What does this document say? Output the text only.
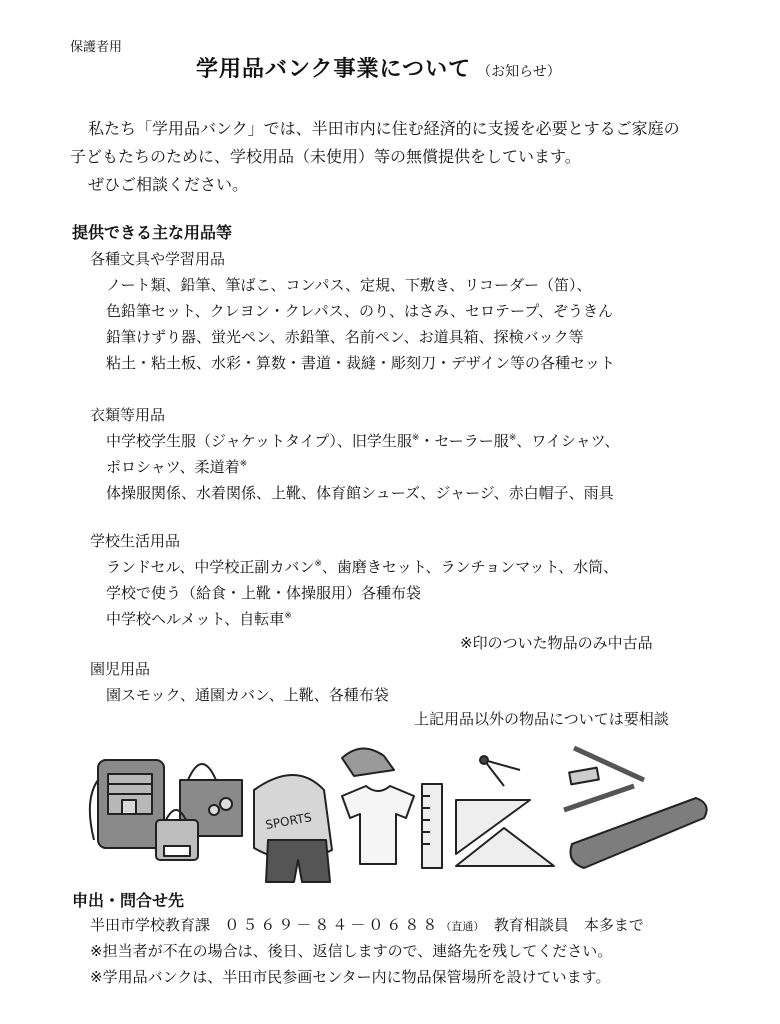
保護者用
学用品バンク事業について （お知らせ）

私たち「学用品バンク」では、半田市内に住む経済的に支援を必要とするご家庭の

子どもたちのために、学校用品（未使用）等の無償提供をしています。

ぜひご相談ください。

提供できる主な用品等
各種文具や学習用品
ノート類、鉛筆、筆ばこ、コンパス、定規、下敷き、リコーダー（笛）、
色鉛筆セット、クレヨン・クレパス、のり、はさみ、セロテープ、ぞうきん
鉛筆けずり器、蛍光ペン、赤鉛筆、名前ペン、お道具箱、探検バック等
粘土・粘土板、水彩・算数・書道・裁縫・彫刻刀・デザイン等の各種セット
衣類等用品
中学校学生服（ジャケットタイプ）、旧学生服※・セーラー服※、ワイシャツ、
ポロシャツ、柔道着※
体操服関係、水着関係、上靴、体育館シューズ、ジャージ、赤白帽子、雨具
学校生活用品
ランドセル、中学校正副カバン※、歯磨きセット、ランチョンマット、水筒、
学校で使う（給食・上靴・体操服用）各種布袋
中学校ヘルメット、自転車※
※印のついた物品のみ中古品
園児用品
園スモック、通園カバン、上靴、各種布袋
上記用品以外の物品については要相談
SPORTS
申出・問合せ先
半田市学校教育課 ０５６９－８４－０６８８（直通） 教育相談員　本多まで
※担当者が不在の場合は、後日、返信しますので、連絡先を残してください。
※学用品バンクは、半田市民参画センター内に物品保管場所を設けています。
